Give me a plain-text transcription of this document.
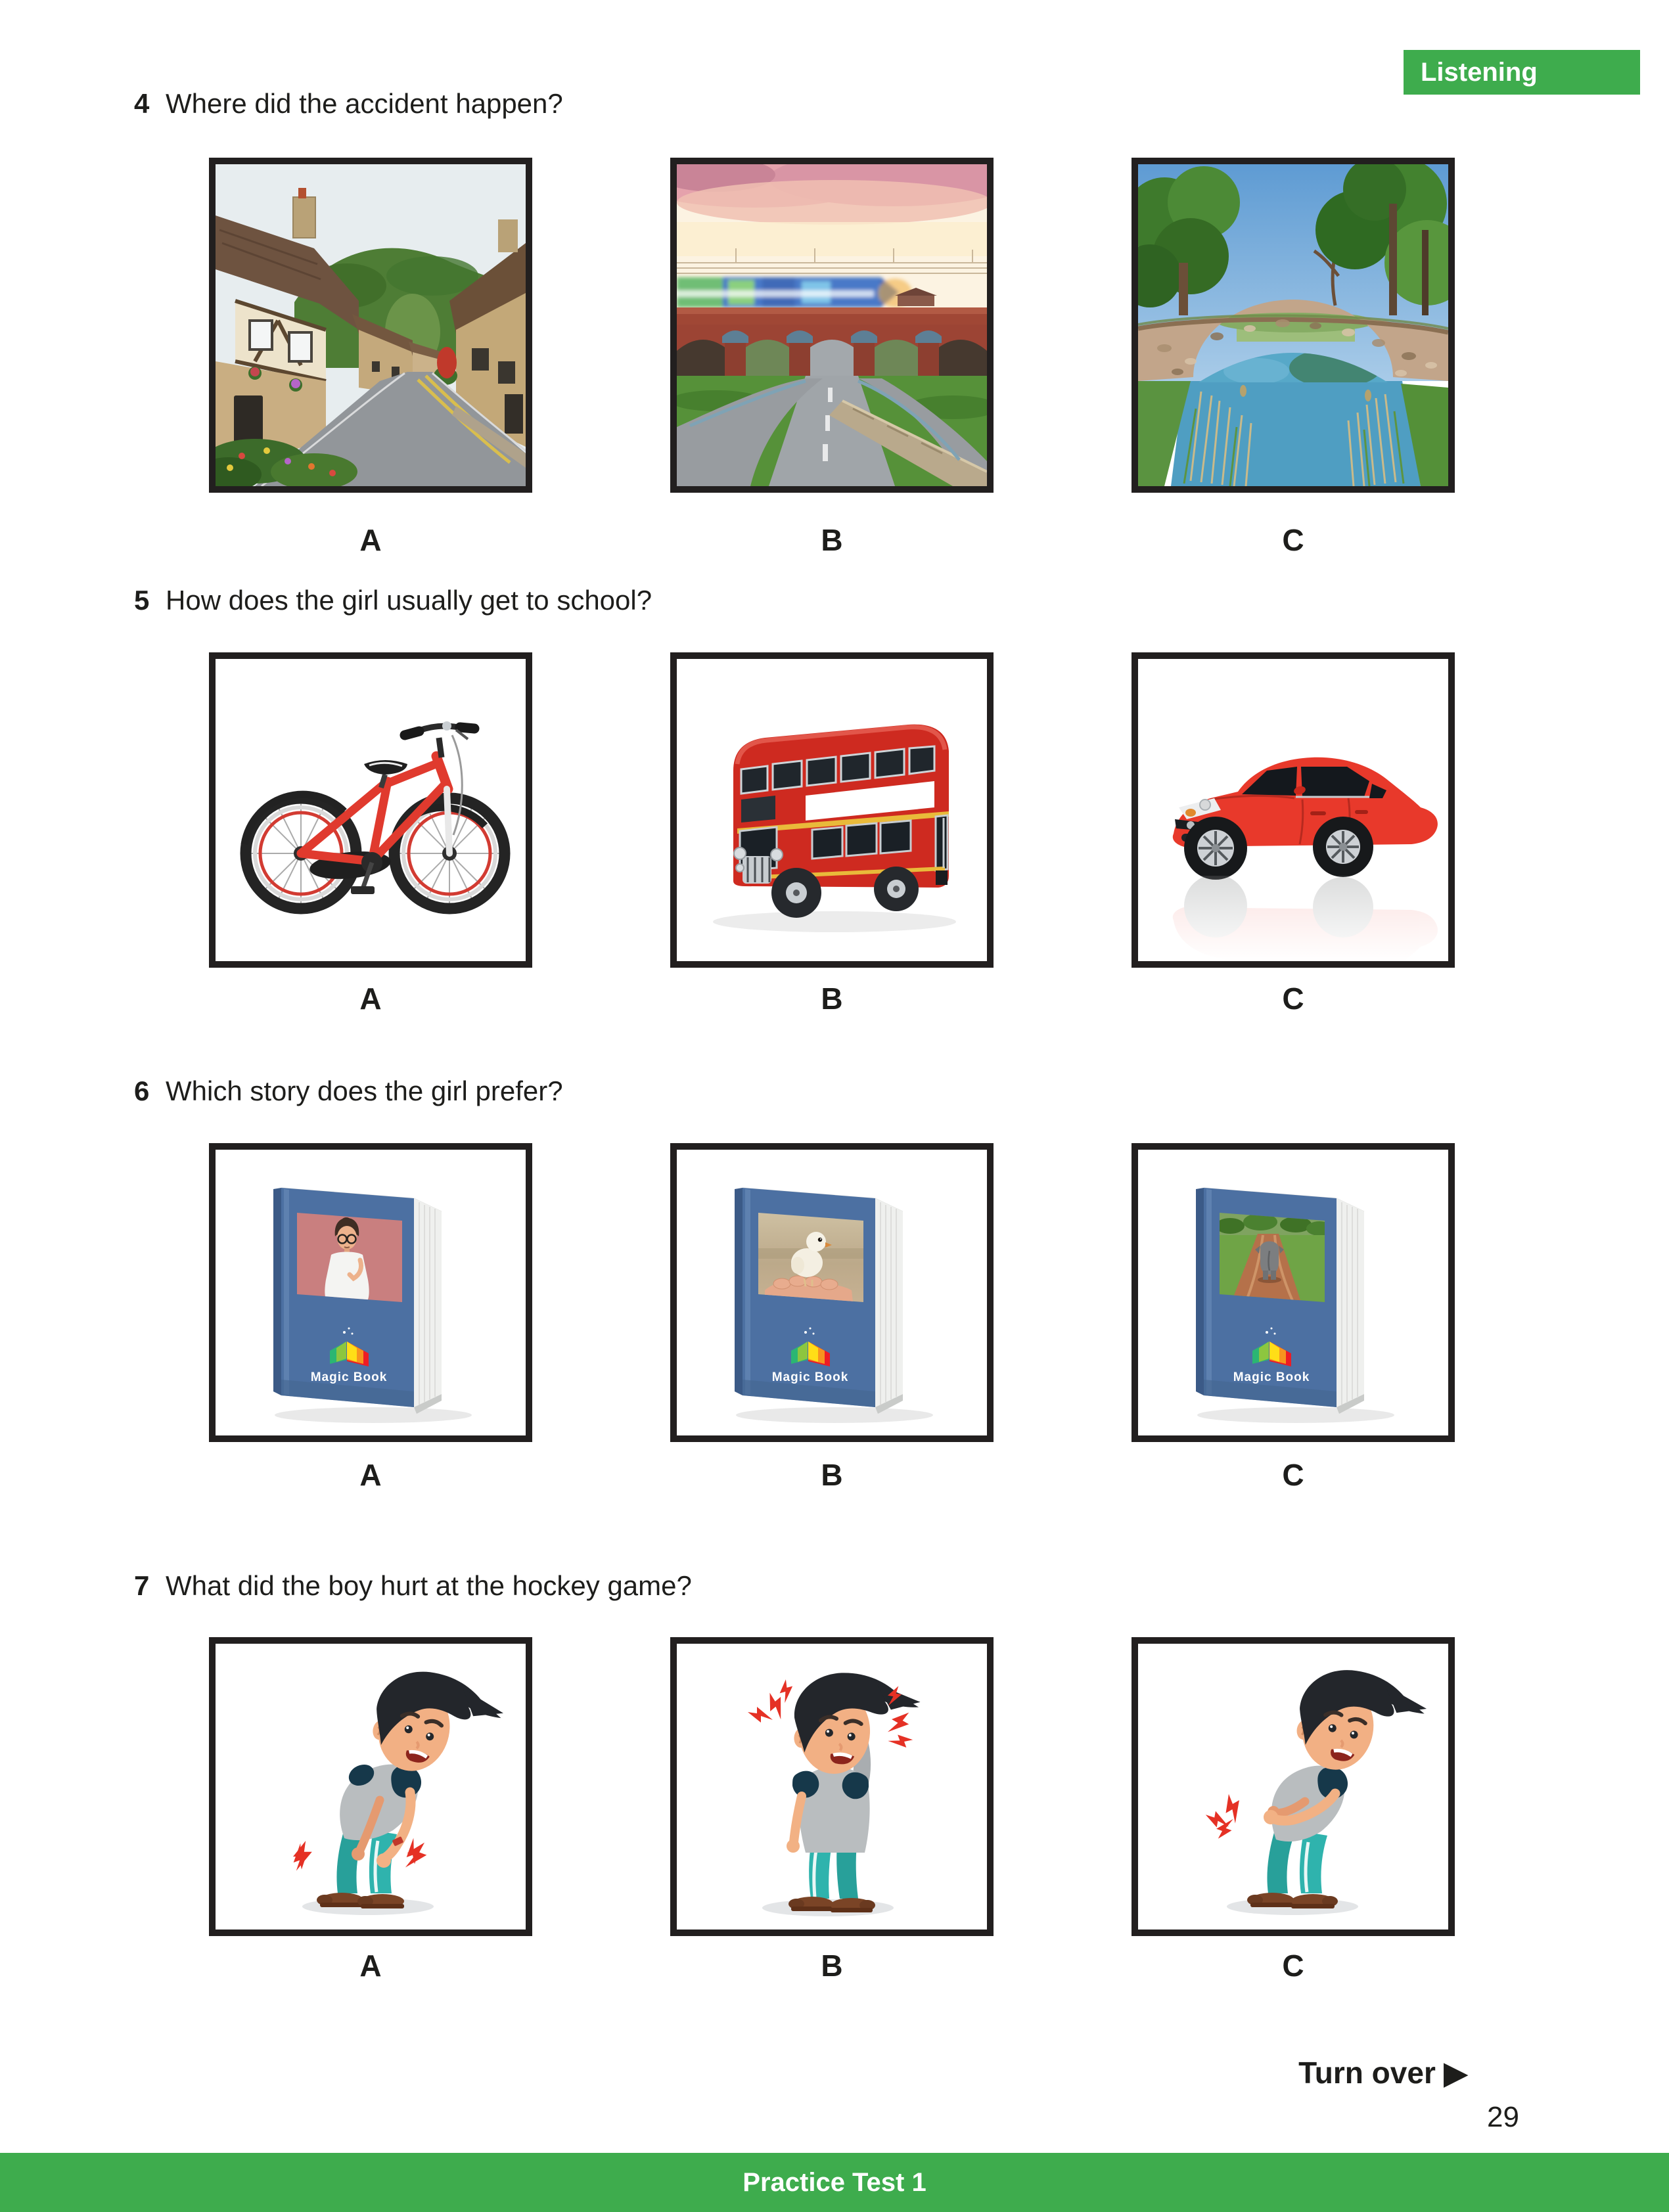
Listening
4 Where did the accident happen?
A	B	C
5 How does the girl usually get to school?
A	B	C
6 Which story does the girl prefer?
Magic Book	Magic Book	Magic Book
A	B	C
7 What did the boy hurt at the hockey game?
A	B	C
Turn over ▶
29
Practice Test 1
